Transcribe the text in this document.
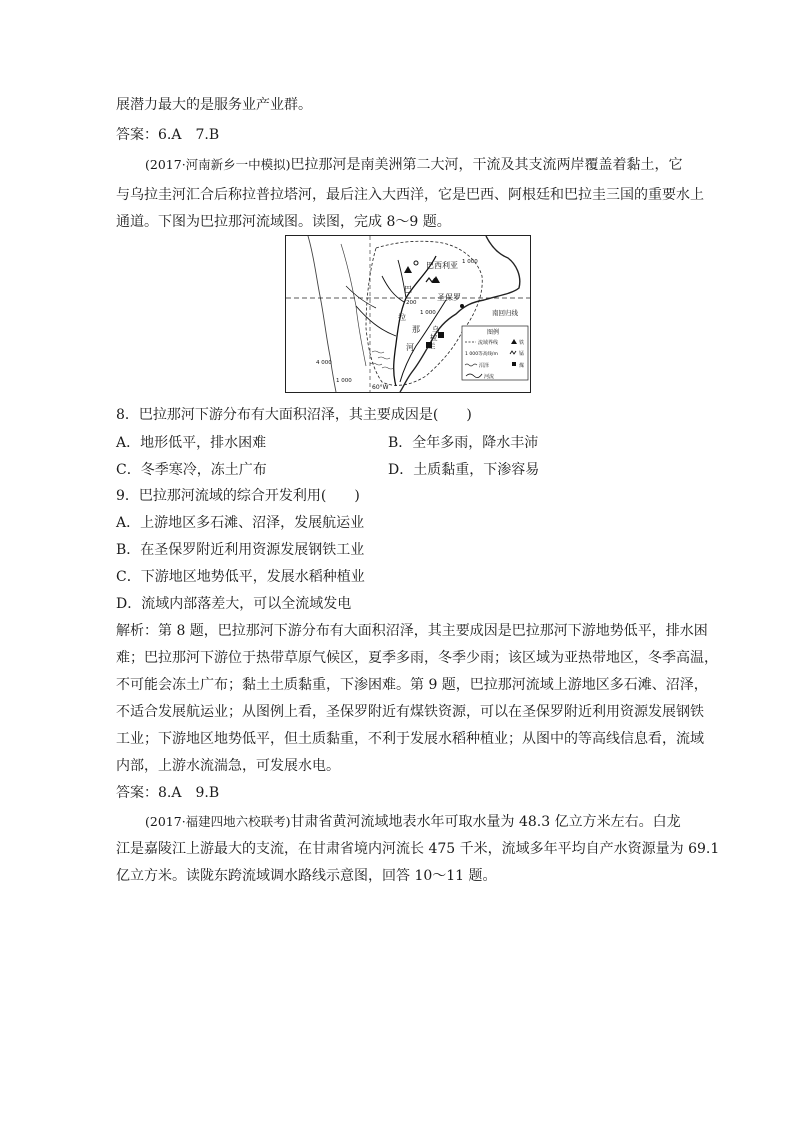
展潜力最大的是服务业产业群。
答案：6.A　7.B
(2017·河南新乡一中模拟)巴拉那河是南美洲第二大河，干流及其支流两岸覆盖着黏土，它
与乌拉圭河汇合后称拉普拉塔河，最后注入大西洋，它是巴西、阿根廷和巴拉圭三国的重要水上
通道。下图为巴拉那河流域图。读图，完成 8～9 题。
巴西利亚
圣保罗
南回归线
巴
拉
那
河
乌
拉
圭
1 000
200
1 000
4 000
1 000
60°W
图例
流域界线	铁
1 000等高线/m	锰
沼泽	煤
河流
8．巴拉那河下游分布有大面积沼泽，其主要成因是(　　)
A．地形低平，排水困难	B．全年多雨，降水丰沛
C．冬季寒冷，冻土广布	D．土质黏重，下渗容易
9．巴拉那河流域的综合开发利用(　　)
A．上游地区多石滩、沼泽，发展航运业
B．在圣保罗附近利用资源发展钢铁工业
C．下游地区地势低平，发展水稻种植业
D．流域内部落差大，可以全流域发电
解析：第 8 题，巴拉那河下游分布有大面积沼泽，其主要成因是巴拉那河下游地势低平，排水困
难；巴拉那河下游位于热带草原气候区，夏季多雨，冬季少雨；该区域为亚热带地区，冬季高温，
不可能会冻土广布；黏土土质黏重，下渗困难。第 9 题，巴拉那河流域上游地区多石滩、沼泽，
不适合发展航运业；从图例上看，圣保罗附近有煤铁资源，可以在圣保罗附近利用资源发展钢铁
工业；下游地区地势低平，但土质黏重，不利于发展水稻种植业；从图中的等高线信息看，流域
内部，上游水流湍急，可发展水电。
答案：8.A　9.B
(2017·福建四地六校联考)甘肃省黄河流域地表水年可取水量为 48.3 亿立方米左右。白龙
江是嘉陵江上游最大的支流，在甘肃省境内河流长 475 千米，流域多年平均自产水资源量为 69.1
亿立方米。读陇东跨流域调水路线示意图，回答 10～11 题。
